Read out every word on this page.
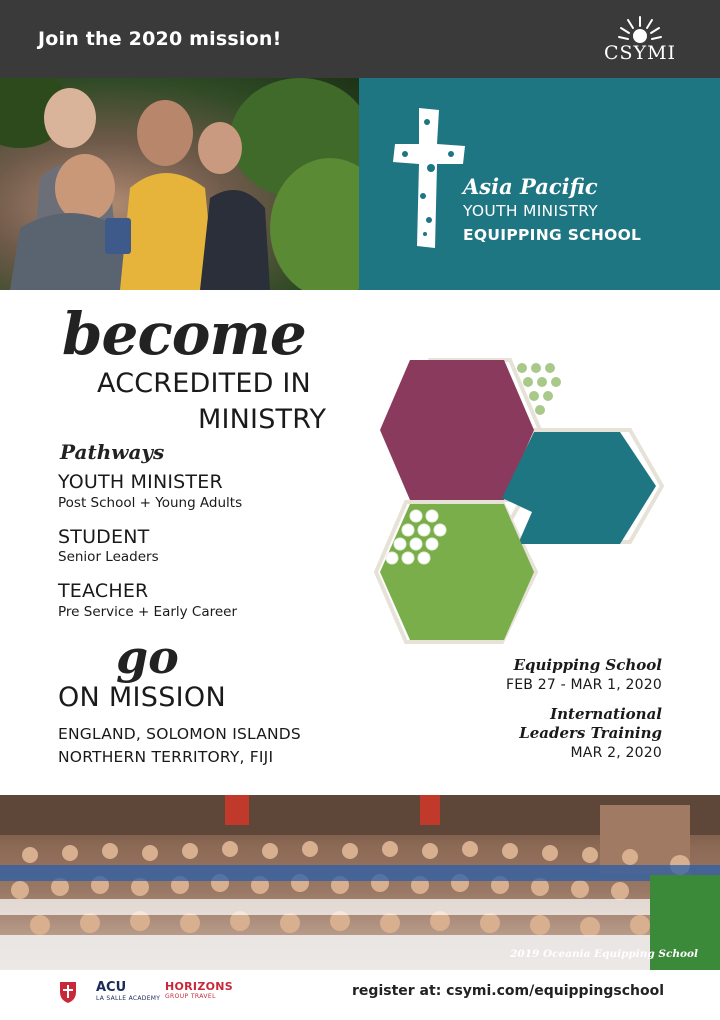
Join the 2020 mission!
CSYMI
Asia Pacific
YOUTH MINISTRY
EQUIPPING SCHOOL
become
ACCREDITED IN
MINISTRY
Pathways
YOUTH MINISTER
Post School + Young Adults
STUDENT
Senior Leaders
TEACHER
Pre Service + Early Career
go
ON MISSION
ENGLAND, SOLOMON ISLANDS
NORTHERN TERRITORY, FIJI
Equipping School
FEB 27 - MAR 1, 2020
International
Leaders Training
MAR 2, 2020
2019 Oceania Equipping School
ACU
LA SALLE ACADEMY
HORIZONS
GROUP TRAVEL	register at: csymi.com/equippingschool
